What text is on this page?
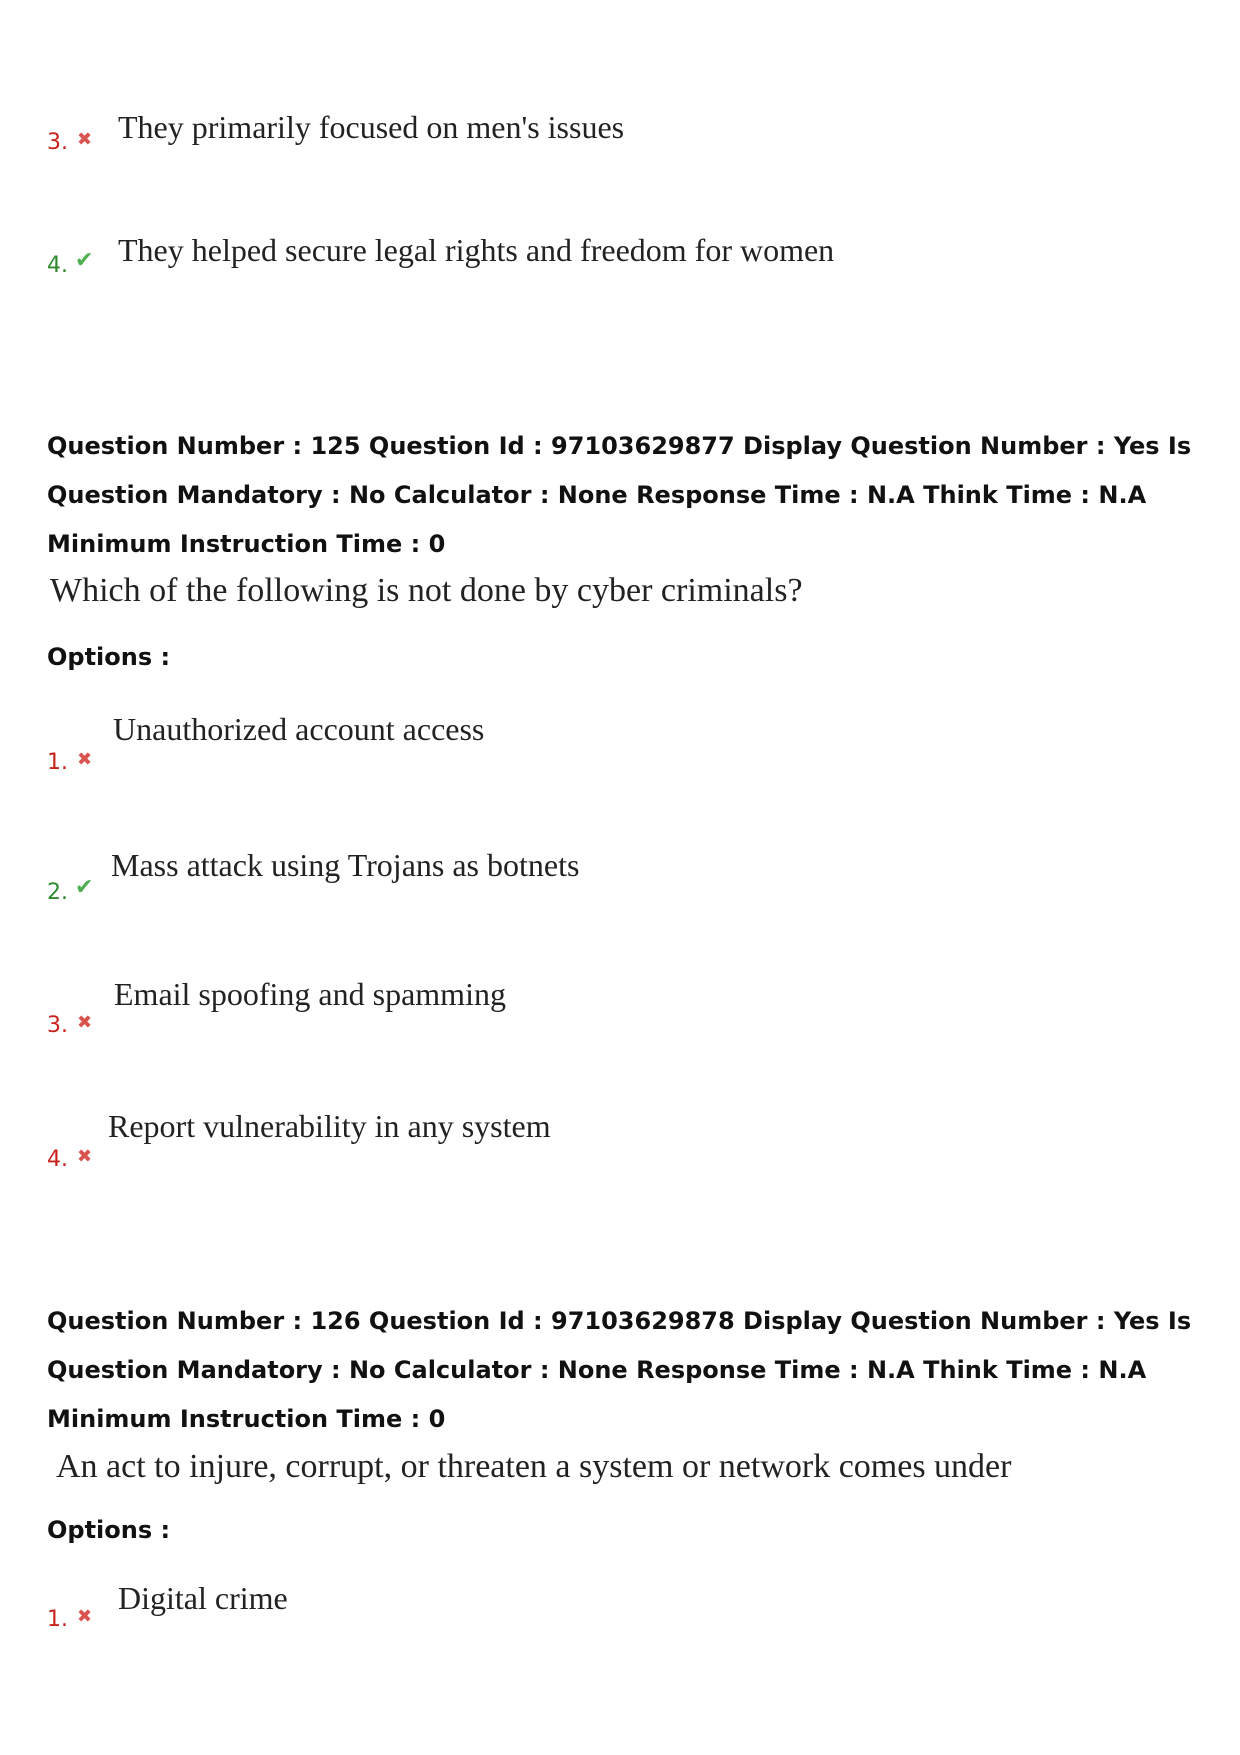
3. ✖ They primarily focused on men's issues
4. ✔ They helped secure legal rights and freedom for women
Question Number : 125 Question Id : 97103629877 Display Question Number : Yes Is Question Mandatory : No Calculator : None Response Time : N.A Think Time : N.A Minimum Instruction Time : 0
Which of the following is not done by cyber criminals?
Options :
1. ✖
Unauthorized account access
2. ✔
Mass attack using Trojans as botnets
3. ✖
Email spoofing and spamming
4. ✖
Report vulnerability in any system
Question Number : 126 Question Id : 97103629878 Display Question Number : Yes Is Question Mandatory : No Calculator : None Response Time : N.A Think Time : N.A Minimum Instruction Time : 0
An act to injure, corrupt, or threaten a system or network comes under
Options :
1. ✖
Digital crime
